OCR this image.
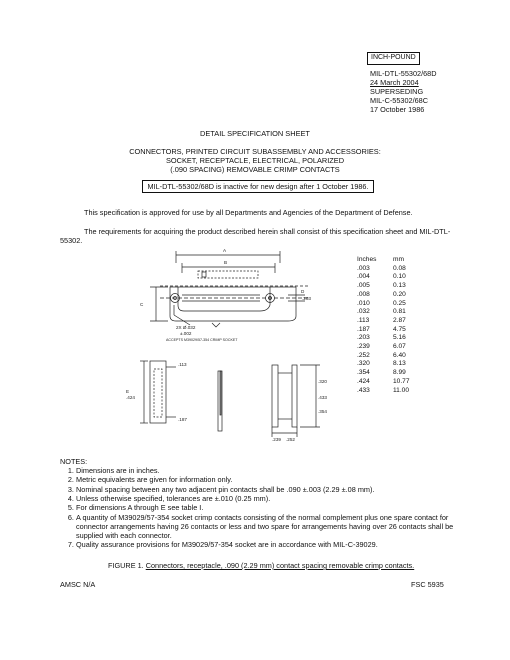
INCH-POUND
MIL-DTL-55302/68D
24 March 2004
SUPERSEDING
MIL-C-55302/68C
17 October 1986
DETAIL SPECIFICATION SHEET
CONNECTORS, PRINTED CIRCUIT SUBASSEMBLY AND ACCESSORIES:
SOCKET, RECEPTACLE, ELECTRICAL, POLARIZED
(.090 SPACING) REMOVABLE CRIMP CONTACTS
MIL-DTL-55302/68D is inactive for new design after 1 October 1986.
This specification is approved for use by all Departments and Agencies of the Department of Defense.
The requirements for acquiring the product described herein shall consist of this specification sheet and MIL-DTL-55302.
A
B
C
D
.203
2X Ø.032
±.002
ACCEPTS M39029/57-354 CRIMP SOCKET
E
.424
.113
.187
.239 .252
.320
.354
.433
Inches	mm
.003	0.08
.004	0.10
.005	0.13
.008	0.20
.010	0.25
.032	0.81
.113	2.87
.187	4.75
.203	5.16
.239	6.07
.252	6.40
.320	8.13
.354	8.99
.424	10.77
.433	11.00
NOTES:
1. Dimensions are in inches.
2. Metric equivalents are given for information only.
3. Nominal spacing between any two adjacent pin contacts shall be .090 ±.003 (2.29 ±.08 mm).
4. Unless otherwise specified, tolerances are ±.010 (0.25 mm).
5. For dimensions A through E see table I.
6. A quantity of M39029/57-354 socket crimp contacts consisting of the normal complement plus one spare contact for connector arrangements having 26 contacts or less and two spare for arrangements having over 26 contacts shall be supplied with each connector.
7. Quality assurance provisions for M39029/57-354 socket are in accordance with MIL-C-39029.
FIGURE 1. Connectors, receptacle, .090 (2.29 mm) contact spacing removable crimp contacts.
AMSC N/A	FSC 5935
